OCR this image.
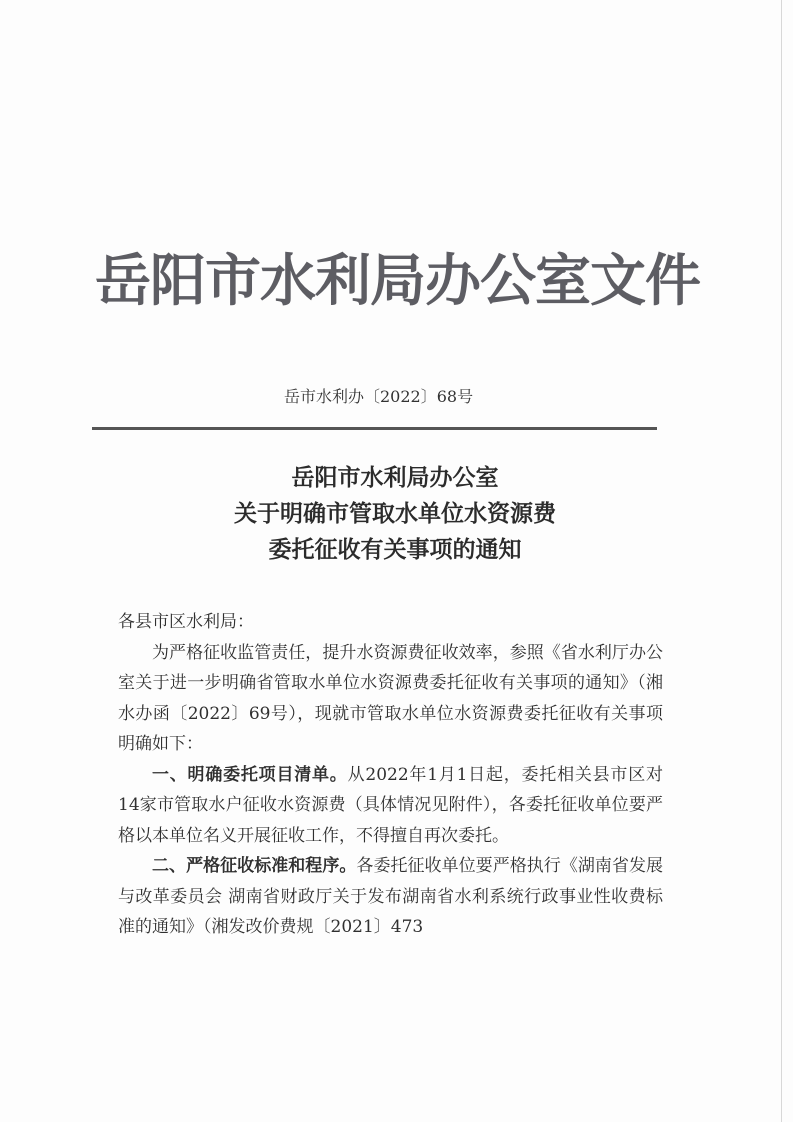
岳阳市水利局办公室文件
岳市水利办〔2022〕68号
岳阳市水利局办公室
关于明确市管取水单位水资源费
委托征收有关事项的通知
各县市区水利局：
为严格征收监管责任，提升水资源费征收效率，参照《省水利厅办公室关于进一步明确省管取水单位水资源费委托征收有关事项的通知》（湘水办函〔2022〕69号），现就市管取水单位水资源费委托征收有关事项明确如下：
一、明确委托项目清单。从2022年1月1日起，委托相关县市区对14家市管取水户征收水资源费（具体情况见附件），各委托征收单位要严格以本单位名义开展征收工作，不得擅自再次委托。
二、严格征收标准和程序。各委托征收单位要严格执行《湖南省发展与改革委员会 湖南省财政厅关于发布湖南省水利系统行政事业性收费标准的通知》（湘发改价费规〔2021〕473
